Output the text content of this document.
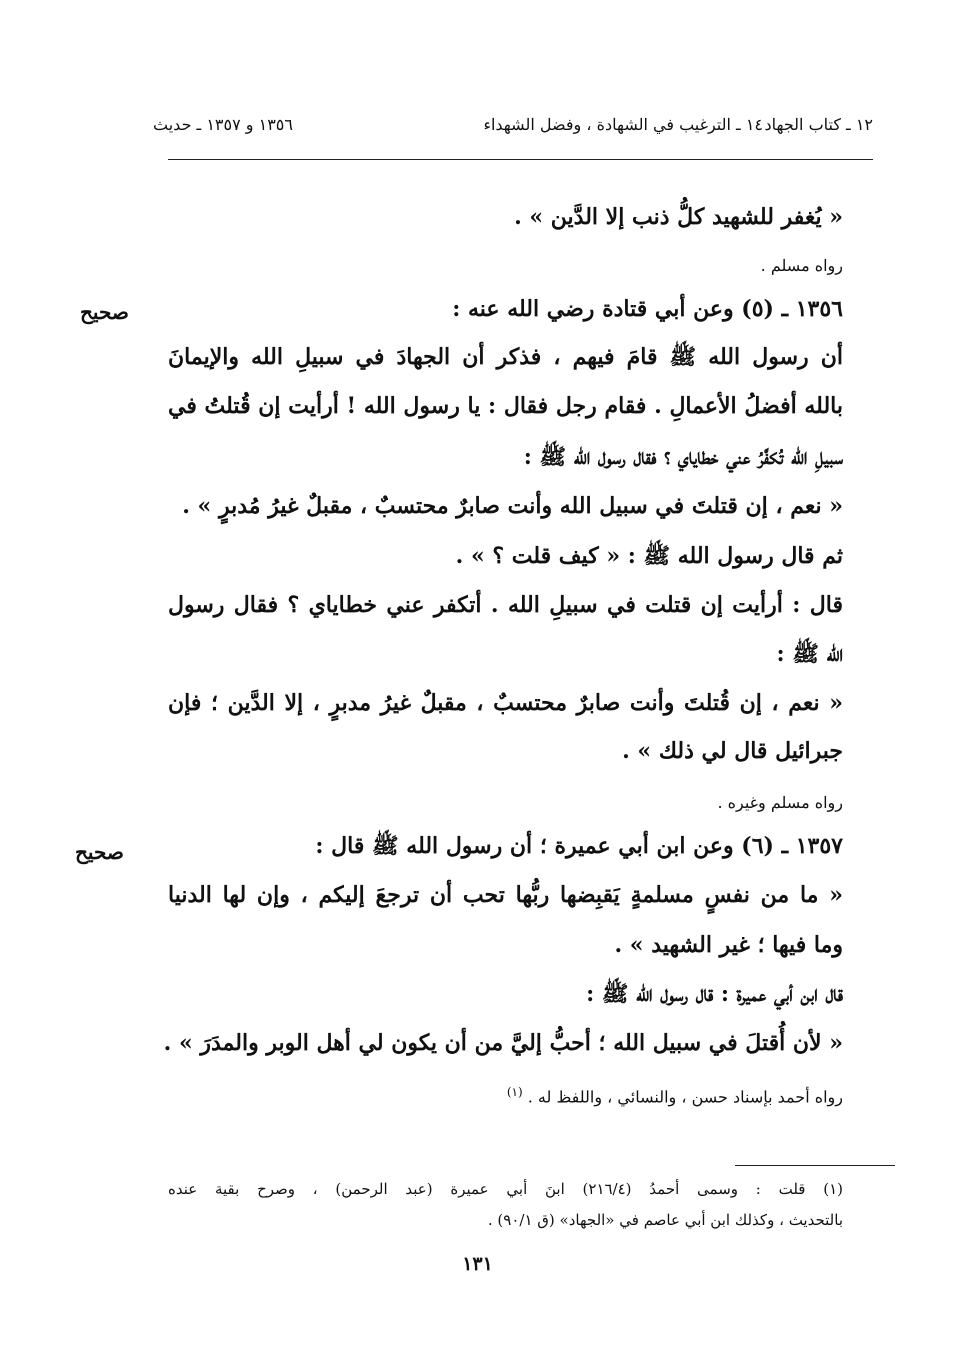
١٢ ـ كتاب الجهاد
١٤ ـ الترغيب في الشهادة ، وفضل الشهداء
١٣٥٦ و ١٣٥٧ ـ حديث

« يُغفر للشهيد كلُّ ذنب إلا الدَّين » .

رواه مسلم .

١٣٥٦ ـ (٥) وعن أبي قتادة رضي الله عنه :

صحيح

أن رسول الله ﷺ قامَ فيهم ، فذكر أن الجهادَ في سبيلِ الله والإيمانَ

بالله أفضلُ الأعمالِ . فقام رجل فقال : يا رسول الله ! أرأيت إن قُتلتُ في

سبيلِ الله تُكفَّرُ عني خطاياي ؟ فقال رسول الله ﷺ :

« نعم ، إن قتلتَ في سبيل الله وأنت صابرٌ محتسبٌ ، مقبلٌ غيرُ مُدبرٍ » .

ثم قال رسول الله ﷺ : « كيف قلت ؟ » .

قال : أرأيت إن قتلت في سبيلِ الله . أتكفر عني خطاياي ؟ فقال رسول

الله ﷺ :

« نعم ، إن قُتلتَ وأنت صابرٌ محتسبٌ ، مقبلٌ غيرُ مدبرٍ ، إلا الدَّين ؛ فإن

جبرائيل قال لي ذلك » .

رواه مسلم وغيره .

١٣٥٧ ـ (٦) وعن ابن أبي عميرة ؛ أن رسول الله ﷺ قال :

صحيح

« ما من نفسٍ مسلمةٍ يَقبِضها ربُّها تحب أن ترجعَ إليكم ، وإن لها الدنيا

وما فيها ؛ غير الشهيد » .

قال ابن أبي عميرة : قال رسول الله ﷺ :

« لأن أُقتلَ في سبيل الله ؛ أحبُّ إليَّ من أن يكون لي أهل الوبر والمدَرَ » .

رواه أحمد بإسناد حسن ، والنسائي ، واللفظ له . $^{(١)}$

(١) قلت : وسمى أحمدُ (٢١٦/٤) ابنَ أبي عميرة (عبد الرحمن) ، وصرح بقية عنده

بالتحديث ، وكذلك ابن أبي عاصم في «الجهاد» (ق ٩٠/١) .

١٣١
